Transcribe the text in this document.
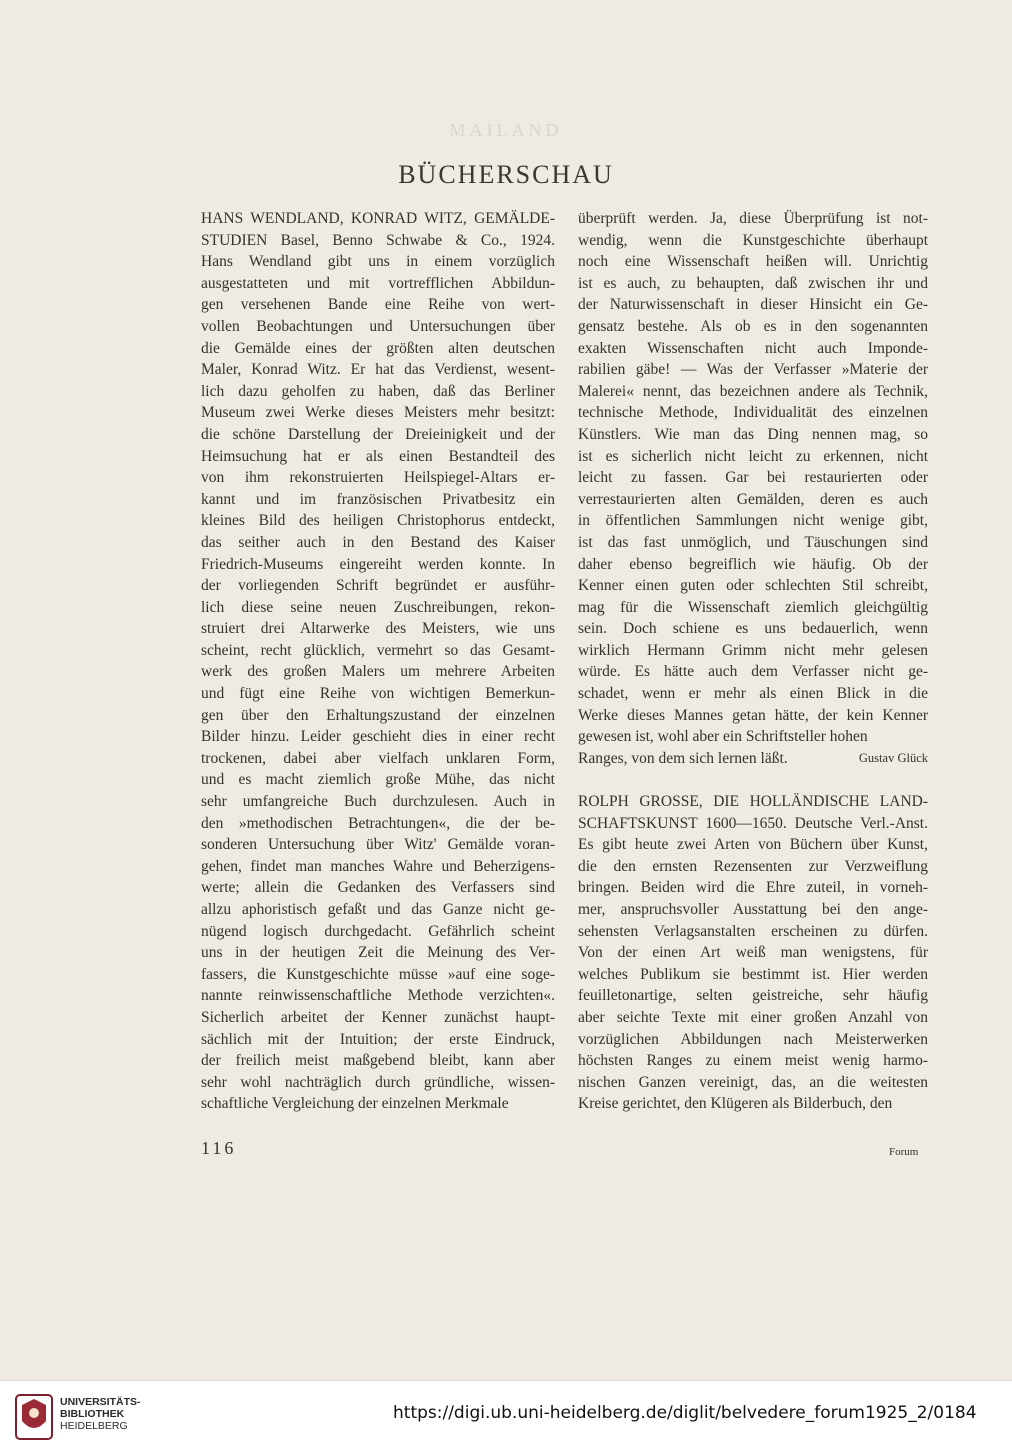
MAILAND
BÜCHERSCHAU
HANS WENDLAND, KONRAD WITZ, GEMÄLDE-
STUDIEN Basel, Benno Schwabe & Co., 1924.
Hans Wendland gibt uns in einem vorzüglich
ausgestatteten und mit vortrefflichen Abbildun-
gen versehenen Bande eine Reihe von wert-
vollen Beobachtungen und Untersuchungen über
die Gemälde eines der größten alten deutschen
Maler, Konrad Witz. Er hat das Verdienst, wesent-
lich dazu geholfen zu haben, daß das Berliner
Museum zwei Werke dieses Meisters mehr besitzt:
die schöne Darstellung der Dreieinigkeit und der
Heimsuchung hat er als einen Bestandteil des
von ihm rekonstruierten Heilspiegel-Altars er-
kannt und im französischen Privatbesitz ein
kleines Bild des heiligen Christophorus entdeckt,
das seither auch in den Bestand des Kaiser
Friedrich-Museums eingereiht werden konnte. In
der vorliegenden Schrift begründet er ausführ-
lich diese seine neuen Zuschreibungen, rekon-
struiert drei Altarwerke des Meisters, wie uns
scheint, recht glücklich, vermehrt so das Gesamt-
werk des großen Malers um mehrere Arbeiten
und fügt eine Reihe von wichtigen Bemerkun-
gen über den Erhaltungszustand der einzelnen
Bilder hinzu. Leider geschieht dies in einer recht
trockenen, dabei aber vielfach unklaren Form,
und es macht ziemlich große Mühe, das nicht
sehr umfangreiche Buch durchzulesen. Auch in
den »methodischen Betrachtungen«, die der be-
sonderen Untersuchung über Witz' Gemälde voran-
gehen, findet man manches Wahre und Beherzigens-
werte; allein die Gedanken des Verfassers sind
allzu aphoristisch gefaßt und das Ganze nicht ge-
nügend logisch durchgedacht. Gefährlich scheint
uns in der heutigen Zeit die Meinung des Ver-
fassers, die Kunstgeschichte müsse »auf eine soge-
nannte reinwissenschaftliche Methode verzichten«.
Sicherlich arbeitet der Kenner zunächst haupt-
sächlich mit der Intuition; der erste Eindruck,
der freilich meist maßgebend bleibt, kann aber
sehr wohl nachträglich durch gründliche, wissen-
schaftliche Vergleichung der einzelnen Merkmale
überprüft werden. Ja, diese Überprüfung ist not-
wendig, wenn die Kunstgeschichte überhaupt
noch eine Wissenschaft heißen will. Unrichtig
ist es auch, zu behaupten, daß zwischen ihr und
der Naturwissenschaft in dieser Hinsicht ein Ge-
gensatz bestehe. Als ob es in den sogenannten
exakten Wissenschaften nicht auch Imponde-
rabilien gäbe! — Was der Verfasser »Materie der
Malerei« nennt, das bezeichnen andere als Technik,
technische Methode, Individualität des einzelnen
Künstlers. Wie man das Ding nennen mag, so
ist es sicherlich nicht leicht zu erkennen, nicht
leicht zu fassen. Gar bei restaurierten oder
verrestaurierten alten Gemälden, deren es auch
in öffentlichen Sammlungen nicht wenige gibt,
ist das fast unmöglich, und Täuschungen sind
daher ebenso begreiflich wie häufig. Ob der
Kenner einen guten oder schlechten Stil schreibt,
mag für die Wissenschaft ziemlich gleichgültig
sein. Doch schiene es uns bedauerlich, wenn
wirklich Hermann Grimm nicht mehr gelesen
würde. Es hätte auch dem Verfasser nicht ge-
schadet, wenn er mehr als einen Blick in die
Werke dieses Mannes getan hätte, der kein Kenner
gewesen ist, wohl aber ein Schriftsteller hohen
Ranges, von dem sich lernen läßt.	Gustav Glück
ROLPH GROSSE, DIE HOLLÄNDISCHE LAND-
SCHAFTSKUNST 1600—1650. Deutsche Verl.-Anst.
Es gibt heute zwei Arten von Büchern über Kunst,
die den ernsten Rezensenten zur Verzweiflung
bringen. Beiden wird die Ehre zuteil, in vorneh-
mer, anspruchsvoller Ausstattung bei den ange-
sehensten Verlagsanstalten erscheinen zu dürfen.
Von der einen Art weiß man wenigstens, für
welches Publikum sie bestimmt ist. Hier werden
feuilletonartige, selten geistreiche, sehr häufig
aber seichte Texte mit einer großen Anzahl von
vorzüglichen Abbildungen nach Meisterwerken
höchsten Ranges zu einem meist wenig harmo-
nischen Ganzen vereinigt, das, an die weitesten
Kreise gerichtet, den Klügeren als Bilderbuch, den
116	Forum
UNIVERSITÄTS-
BIBLIOTHEK
HEIDELBERG
https://digi.ub.uni-heidelberg.de/diglit/belvedere_forum1925_2/0184
